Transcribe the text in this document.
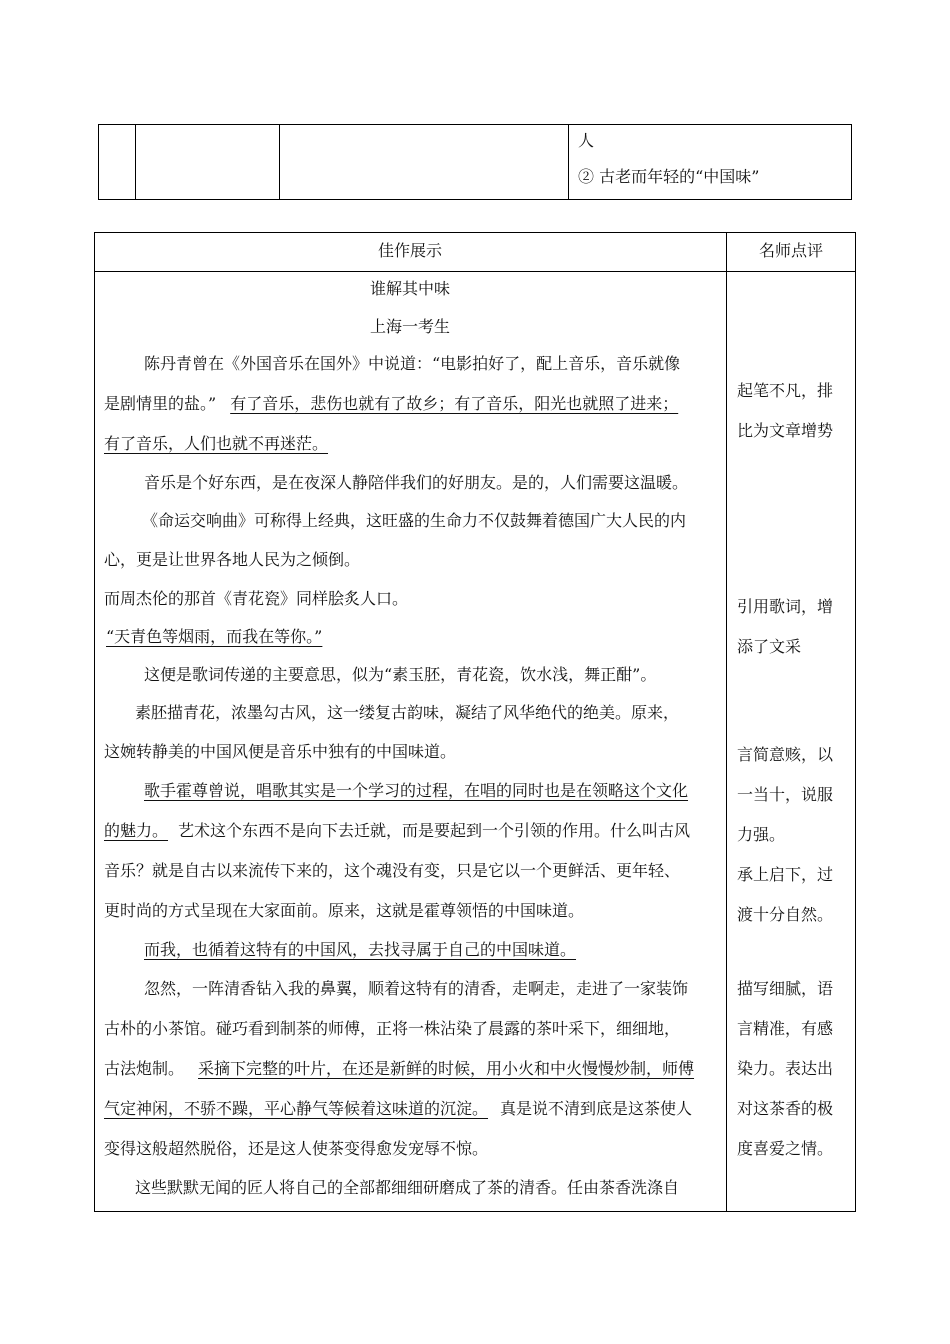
人
② 古老而年轻的“中国味”
佳作展示	名师点评
谁解其中味
上海一考生
陈丹青曾在《外国音乐在国外》中说道：“电影拍好了，配上音乐，音乐就像
是剧情里的盐。” 有了音乐，悲伤也就有了故乡；有了音乐，阳光也就照了进来；
有了音乐，人们也就不再迷茫。
音乐是个好东西，是在夜深人静陪伴我们的好朋友。是的，人们需要这温暖。
《命运交响曲》可称得上经典，这旺盛的生命力不仅鼓舞着德国广大人民的内
心，更是让世界各地人民为之倾倒。
而周杰伦的那首《青花瓷》同样脍炙人口。
“天青色等烟雨，而我在等你。”
这便是歌词传递的主要意思，似为“素玉胚，青花瓷，饮水浅，舞正酣”。
素胚描青花，浓墨勾古风，这一缕复古韵味，凝结了风华绝代的绝美。原来，
这婉转静美的中国风便是音乐中独有的中国味道。
歌手霍尊曾说，唱歌其实是一个学习的过程，在唱的同时也是在领略这个文化
的魅力。 艺术这个东西不是向下去迁就，而是要起到一个引领的作用。什么叫古风
音乐？就是自古以来流传下来的，这个魂没有变，只是它以一个更鲜活、更年轻、
更时尚的方式呈现在大家面前。原来，这就是霍尊领悟的中国味道。
而我，也循着这特有的中国风，去找寻属于自己的中国味道。
忽然，一阵清香钻入我的鼻翼，顺着这特有的清香，走啊走，走进了一家装饰
古朴的小茶馆。碰巧看到制茶的师傅，正将一株沾染了晨露的茶叶采下，细细地，
古法炮制。 采摘下完整的叶片，在还是新鲜的时候，用小火和中火慢慢炒制，师傅
气定神闲，不骄不躁，平心静气等候着这味道的沉淀。 真是说不清到底是这茶使人
变得这般超然脱俗，还是这人使茶变得愈发宠辱不惊。
这些默默无闻的匠人将自己的全部都细细研磨成了茶的清香。任由茶香洗涤自
起笔不凡，排
比为文章增势
引用歌词，增
添了文采
言简意赅，以
一当十，说服
力强。
承上启下，过
渡十分自然。
描写细腻，语
言精准，有感
染力。表达出
对这茶香的极
度喜爱之情。
